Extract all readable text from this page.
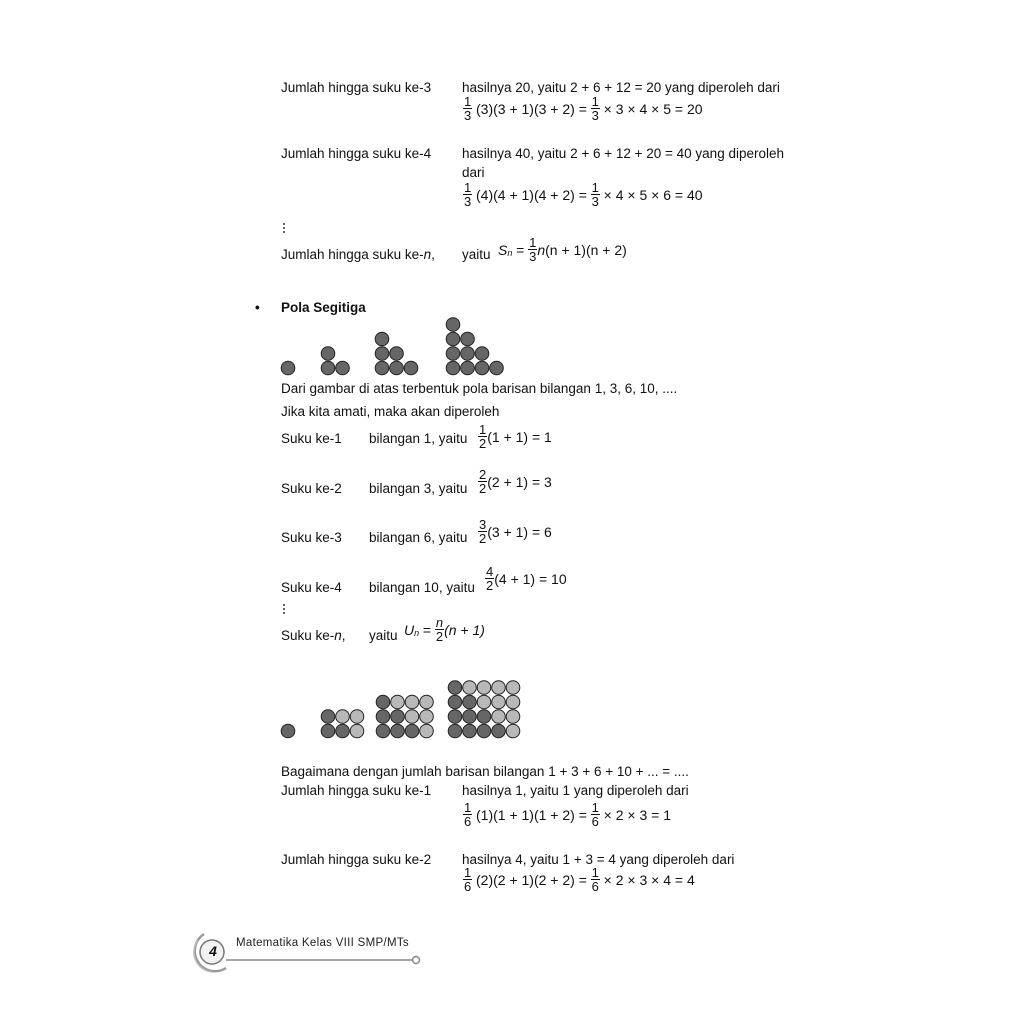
Jumlah hingga suku ke-3 hasilnya 20, yaitu 2 + 6 + 12 = 20 yang diperoleh dari
$\frac{1}{3} (3)(3 + 1)(3 + 2) = \frac{1}{3} \times 3 \times 4 \times 5 = 20$
Jumlah hingga suku ke-4 hasilnya 40, yaitu 2 + 6 + 12 + 20 = 40 yang diperoleh
dari
$\frac{1}{3} (4)(4 + 1)(4 + 2) = \frac{1}{3} \times 4 \times 5 \times 6 = 40$
Jumlah hingga suku ke-n, yaitu $S_n = \frac{1}{3} n(n + 1)(n + 2)$
• Pola Segitiga
Dari gambar di atas terbentuk pola barisan bilangan 1, 3, 6, 10, ....
Jika kita amati, maka akan diperoleh
Suku ke-1 bilangan 1, yaitu $\frac{1}{2} (1 + 1) = 1$
Suku ke-2 bilangan 3, yaitu $\frac{2}{2} (2 + 1) = 3$
Suku ke-3 bilangan 6, yaitu $\frac{3}{2} (3 + 1) = 6$
Suku ke-4 bilangan 10, yaitu $\frac{4}{2} (4 + 1) = 10$
Suku ke-n, yaitu $U_n = \frac{n}{2} (n + 1)$
Bagaimana dengan jumlah barisan bilangan 1 + 3 + 6 + 10 + ... = ....
Jumlah hingga suku ke-1 hasilnya 1, yaitu 1 yang diperoleh dari
$\frac{1}{6} (1)(1 + 1)(1 + 2) = \frac{1}{6} \times 2 \times 3 = 1$
Jumlah hingga suku ke-2 hasilnya 4, yaitu 1 + 3 = 4 yang diperoleh dari
$\frac{1}{6} (2)(2 + 1)(2 + 2) = \frac{1}{6} \times 2 \times 3 \times 4 = 4$
4	Matematika Kelas VIII SMP/MTs
